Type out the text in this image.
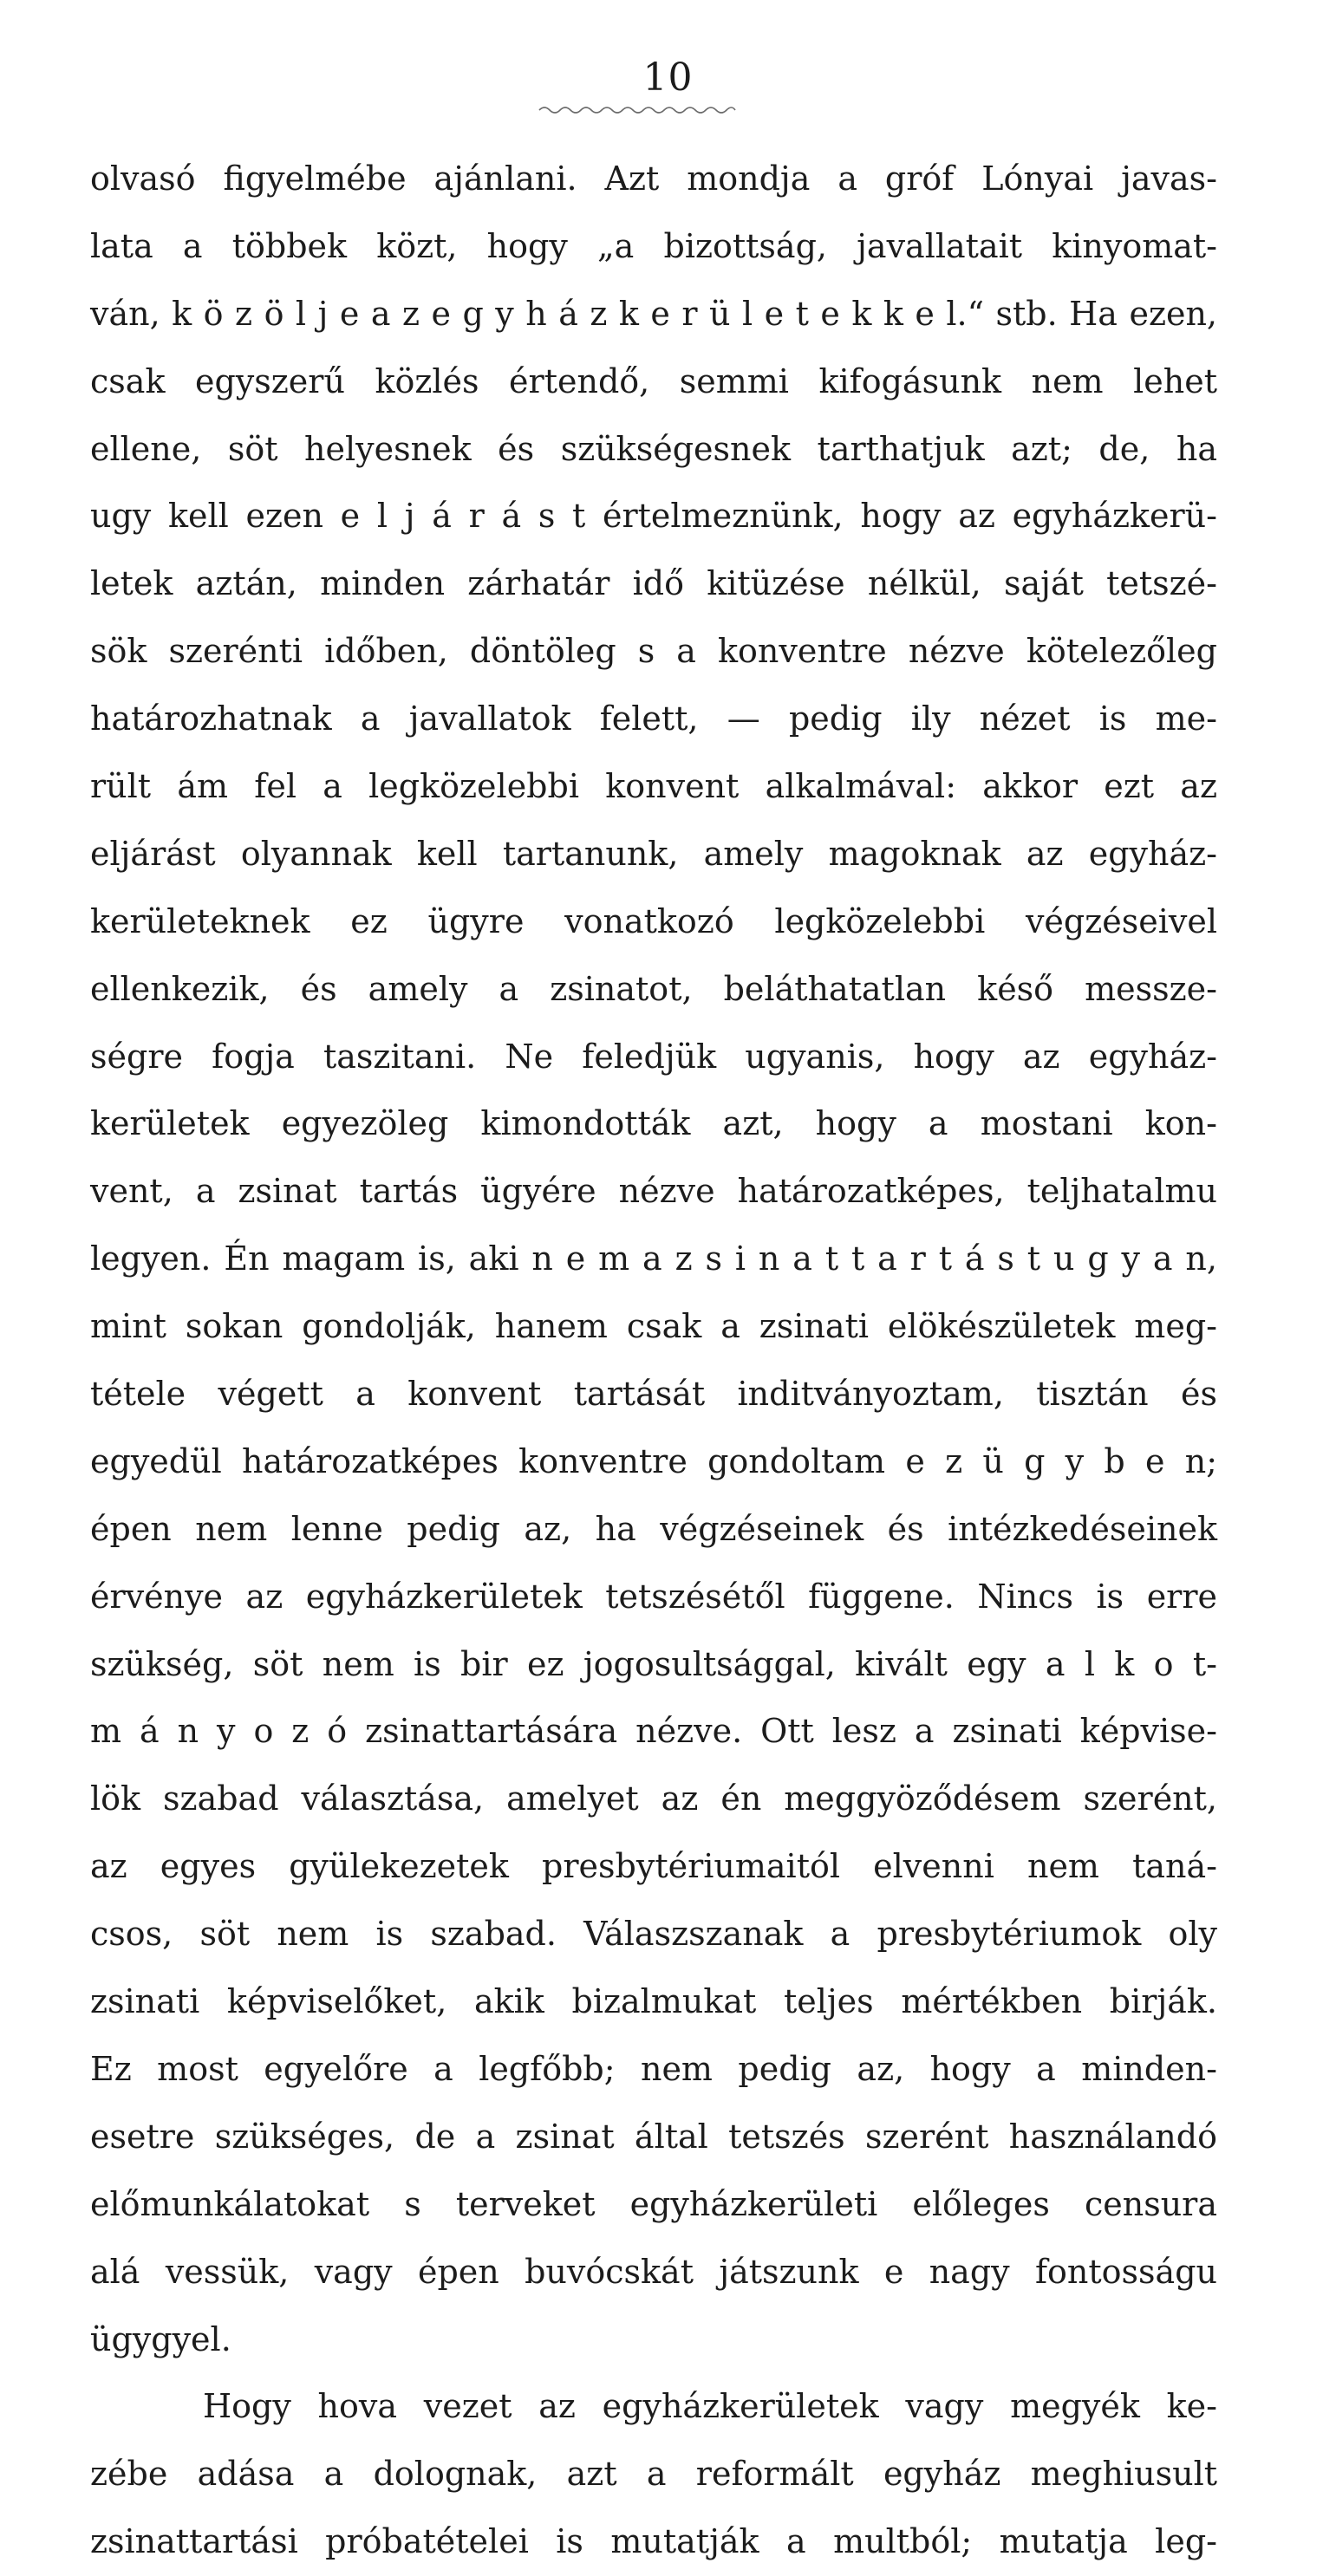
10
olvasó figyelmébe ajánlani. Azt mondja a gróf Lónyai javas-
lata a többek közt, hogy „a bizottság, javallatait kinyomat-
ván, k ö z ö l j e a z e g y h á z k e r ü l e t e k k e l.“ stb. Ha ezen,
csak egyszerű közlés értendő, semmi kifogásunk nem lehet
ellene, söt helyesnek és szükségesnek tarthatjuk azt; de, ha
ugy kell ezen e l j á r á s t értelmeznünk, hogy az egyházkerü-
letek aztán, minden zárhatár idő kitüzése nélkül, saját tetszé-
sök szerénti időben, döntöleg s a konventre nézve kötelezőleg
határozhatnak a javallatok felett, — pedig ily nézet is me-
rült ám fel a legközelebbi konvent alkalmával: akkor ezt az
eljárást olyannak kell tartanunk, amely magoknak az egyház-
kerületeknek ez ügyre vonatkozó legközelebbi végzéseivel
ellenkezik, és amely a zsinatot, beláthatatlan késő messze-
ségre fogja taszitani. Ne feledjük ugyanis, hogy az egyház-
kerületek egyezöleg kimondották azt, hogy a mostani kon-
vent, a zsinat tartás ügyére nézve határozatképes, teljhatalmu
legyen. Én magam is, aki n e m a z s i n a t t a r t á s t u g y a n,
mint sokan gondolják, hanem csak a zsinati elökészületek meg-
tétele végett a konvent tartását inditványoztam, tisztán és
egyedül határozatképes konventre gondoltam e z ü g y b e n;
épen nem lenne pedig az, ha végzéseinek és intézkedéseinek
érvénye az egyházkerületek tetszésétől függene. Nincs is erre
szükség, söt nem is bir ez jogosultsággal, kivált egy a l k o t-
m á n y o z ó zsinattartására nézve. Ott lesz a zsinati képvise-
lök szabad választása, amelyet az én meggyöződésem szerént,
az egyes gyülekezetek presbytériumaitól elvenni nem taná-
csos, söt nem is szabad. Válaszszanak a presbytériumok oly
zsinati képviselőket, akik bizalmukat teljes mértékben birják.
Ez most egyelőre a legfőbb; nem pedig az, hogy a minden-
esetre szükséges, de a zsinat által tetszés szerént használandó
előmunkálatokat s terveket egyházkerületi előleges censura
alá vessük, vagy épen buvócskát játszunk e nagy fontosságu
ügygyel.
Hogy hova vezet az egyházkerületek vagy megyék ke-
zébe adása a dolognak, azt a reformált egyház meghiusult
zsinattartási próbatételei is mutatják a multból; mutatja leg-
